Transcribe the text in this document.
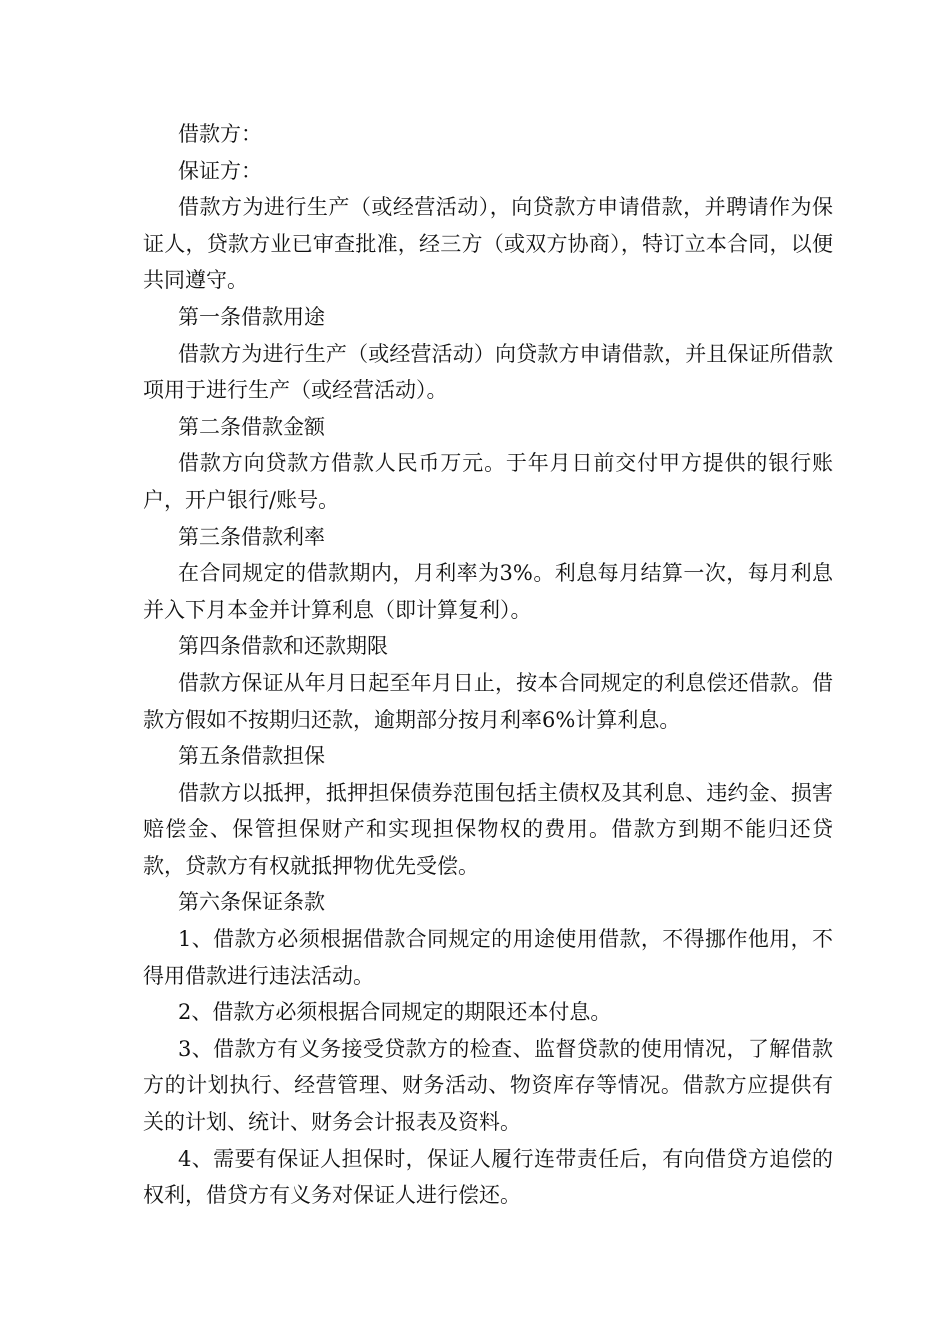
借款方：

保证方：

借款方为进行生产（或经营活动），向贷款方申请借款，并聘请作为保证人，贷款方业已审查批准，经三方（或双方协商），特订立本合同，以便共同遵守。

第一条借款用途

借款方为进行生产（或经营活动）向贷款方申请借款，并且保证所借款项用于进行生产（或经营活动）。

第二条借款金额

借款方向贷款方借款人民币万元。于年月日前交付甲方提供的银行账户，开户银行/账号。

第三条借款利率

在合同规定的借款期内，月利率为3%。利息每月结算一次，每月利息并入下月本金并计算利息（即计算复利）。

第四条借款和还款期限

借款方保证从年月日起至年月日止，按本合同规定的利息偿还借款。借款方假如不按期归还款，逾期部分按月利率6%计算利息。

第五条借款担保

借款方以抵押，抵押担保债券范围包括主债权及其利息、违约金、损害赔偿金、保管担保财产和实现担保物权的费用。借款方到期不能归还贷款，贷款方有权就抵押物优先受偿。

第六条保证条款

1、借款方必须根据借款合同规定的用途使用借款，不得挪作他用，不得用借款进行违法活动。

2、借款方必须根据合同规定的期限还本付息。

3、借款方有义务接受贷款方的检查、监督贷款的使用情况，了解借款方的计划执行、经营管理、财务活动、物资库存等情况。借款方应提供有关的计划、统计、财务会计报表及资料。

4、需要有保证人担保时，保证人履行连带责任后，有向借贷方追偿的权利，借贷方有义务对保证人进行偿还。
